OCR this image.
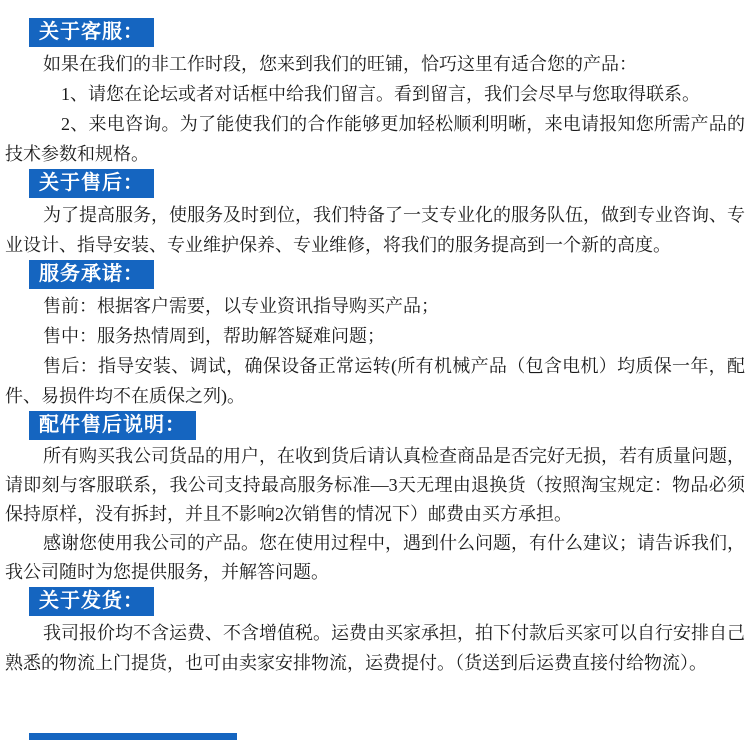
关于客服：

如果在我们的非工作时段，您来到我们的旺铺，恰巧这里有适合您的产品：

1、请您在论坛或者对话框中给我们留言。看到留言，我们会尽早与您取得联系。

2、来电咨询。为了能使我们的合作能够更加轻松顺利明晰，来电请报知您所需产品的技术参数和规格。

关于售后：

为了提高服务，使服务及时到位，我们特备了一支专业化的服务队伍，做到专业咨询、专业设计、指导安装、专业维护保养、专业维修，将我们的服务提高到一个新的高度。

服务承诺：

售前：根据客户需要，以专业资讯指导购买产品；

售中：服务热情周到，帮助解答疑难问题；

售后：指导安装、调试，确保设备正常运转(所有机械产品（包含电机）均质保一年，配件、易损件均不在质保之列)。

配件售后说明：

所有购买我公司货品的用户，在收到货后请认真检查商品是否完好无损，若有质量问题，请即刻与客服联系，我公司支持最高服务标准—3天无理由退换货（按照淘宝规定：物品必须保持原样，没有拆封，并且不影响2次销售的情况下）邮费由买方承担。

感谢您使用我公司的产品。您在使用过程中，遇到什么问题，有什么建议；请告诉我们，我公司随时为您提供服务，并解答问题。

关于发货：

我司报价均不含运费、不含增值税。运费由买家承担，拍下付款后买家可以自行安排自己熟悉的物流上门提货，也可由卖家安排物流，运费提付。（货送到后运费直接付给物流）。
